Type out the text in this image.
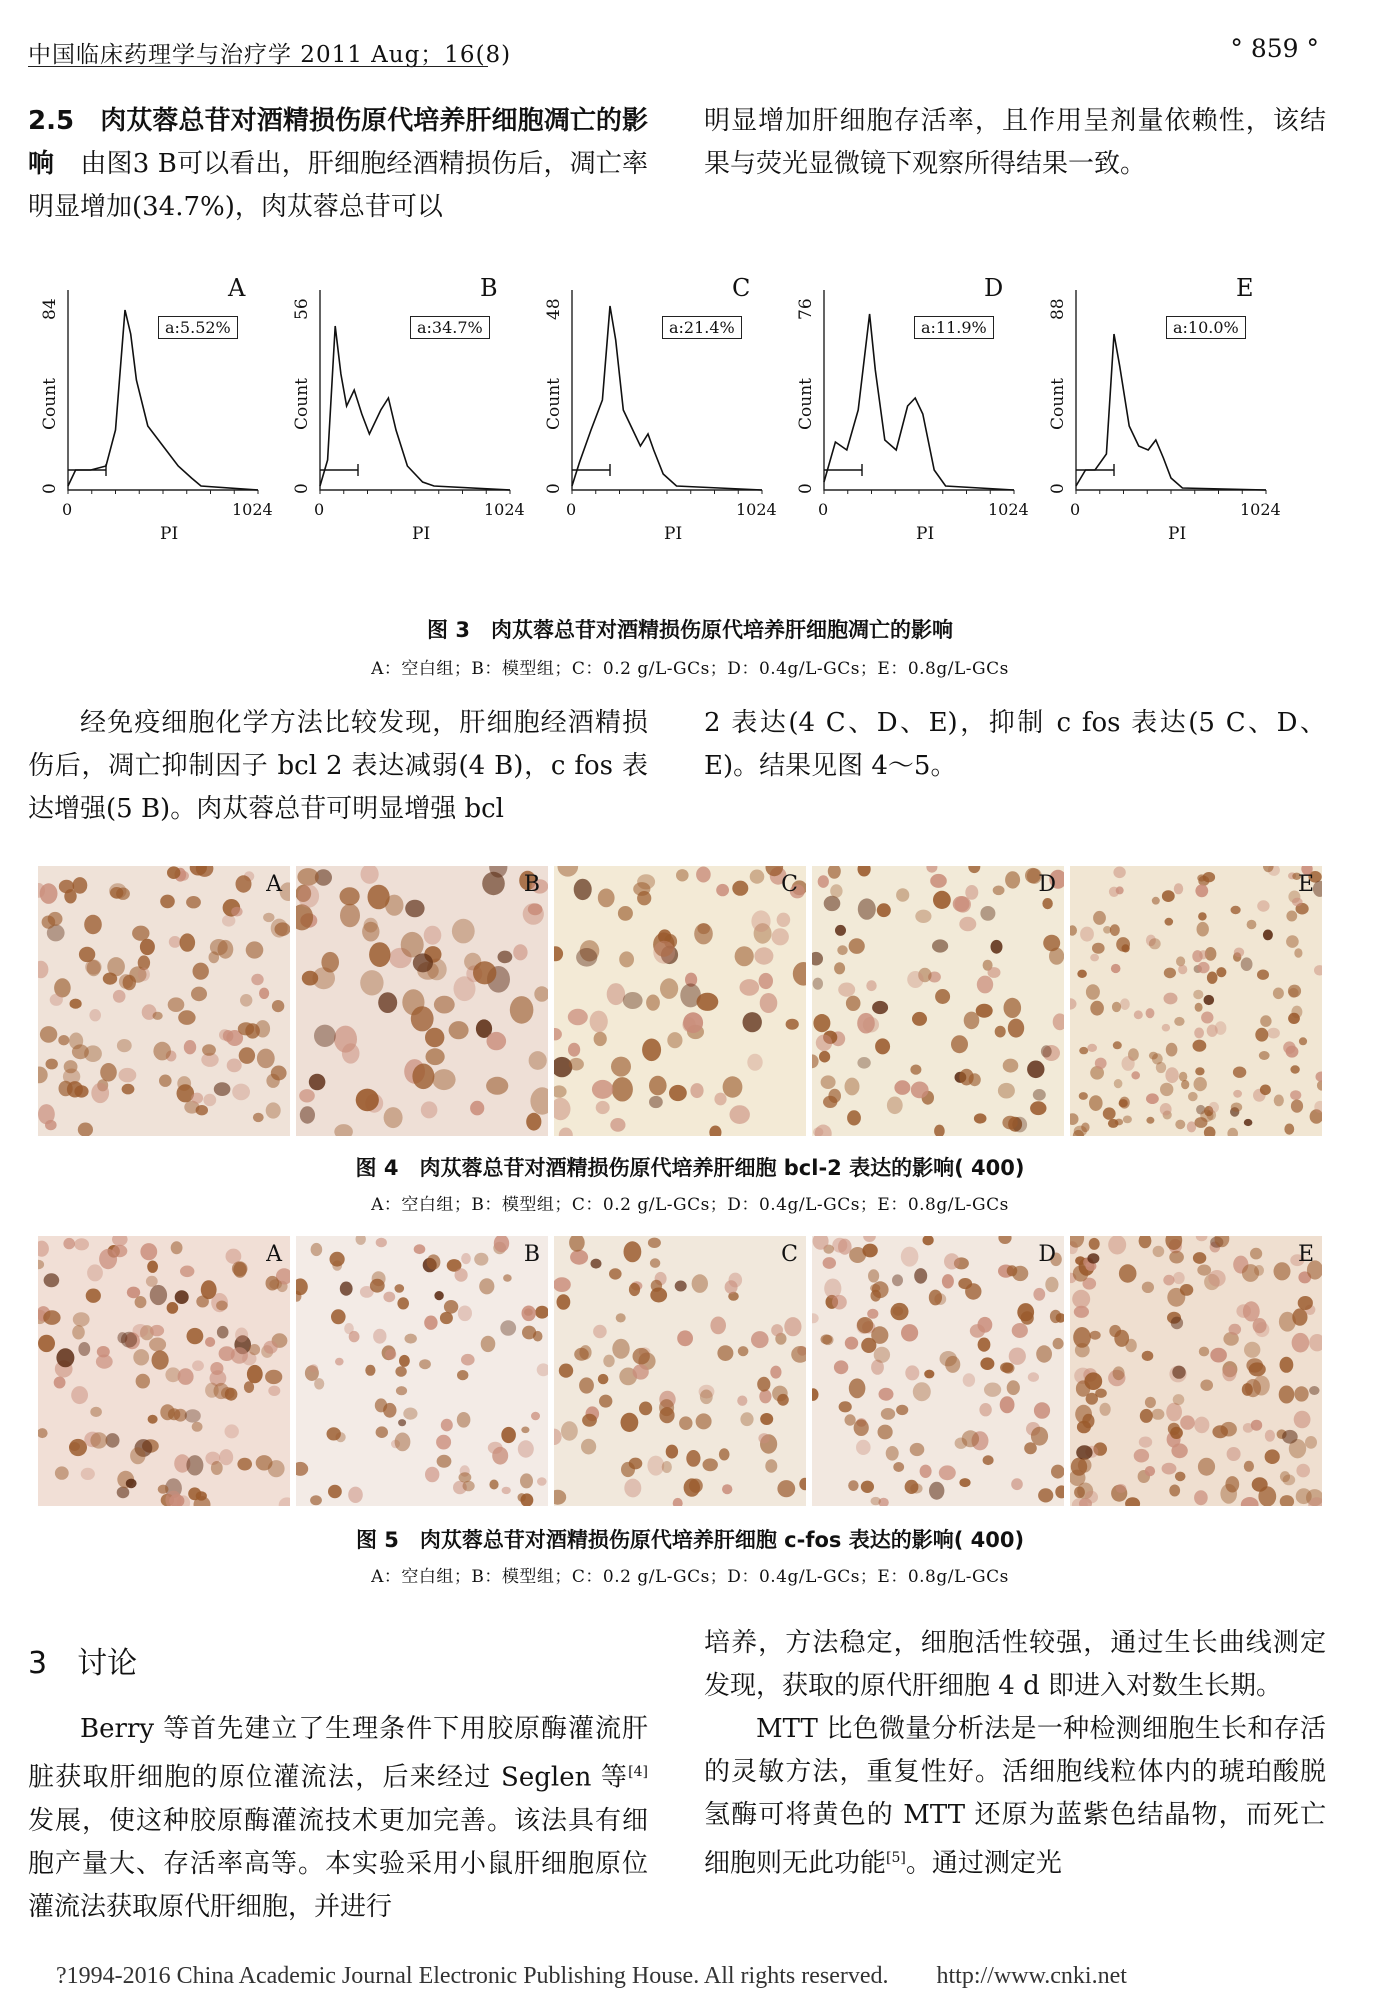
中国临床药理学与治疗学 2011 Aug；16(8)	° 859 °
2.5　肉苁蓉总苷对酒精损伤原代培养肝细胞凋亡的影响　 由图3 B可以看出，肝细胞经酒精损伤后，凋亡率明显增加(34.7%)，肉苁蓉总苷可以
明显增加肝细胞存活率，且作用呈剂量依赖性，该结果与荧光显微镜下观察所得结果一致。
84
0
Count
A
a:5.52%
0	1024
PI
56
0
Count
B
a:34.7%
0	1024
PI
48
0
Count
C
a:21.4%
0	1024
PI
76
0
Count
D
a:11.9%
0	1024
PI
88
0
Count
E
a:10.0%
0	1024
PI
图 3　肉苁蓉总苷对酒精损伤原代培养肝细胞凋亡的影响
A：空白组；B：模型组；C：0.2 g/L-GCs；D：0.4g/L-GCs；E：0.8g/L-GCs
经免疫细胞化学方法比较发现，肝细胞经酒精损伤后，凋亡抑制因子 bcl 2 表达减弱(4 B)，c fos 表达增强(5 B)。肉苁蓉总苷可明显增强 bcl
2 表达(4 C、D、E)，抑制 c fos 表达(5 C、D、E)。结果见图 4～5。
A	B	C	D	E
图 4　肉苁蓉总苷对酒精损伤原代培养肝细胞 bcl-2 表达的影响( 400)
A：空白组；B：模型组；C：0.2 g/L-GCs；D：0.4g/L-GCs；E：0.8g/L-GCs
A	B	C	D	E
图 5　肉苁蓉总苷对酒精损伤原代培养肝细胞 c-fos 表达的影响( 400)
A：空白组；B：模型组；C：0.2 g/L-GCs；D：0.4g/L-GCs；E：0.8g/L-GCs
3　讨论
Berry 等首先建立了生理条件下用胶原酶灌流肝脏获取肝细胞的原位灌流法，后来经过 Seglen 等[4] 发展，使这种胶原酶灌流技术更加完善。该法具有细胞产量大、存活率高等。本实验采用小鼠肝细胞原位灌流法获取原代肝细胞，并进行
培养，方法稳定，细胞活性较强，通过生长曲线测定发现，获取的原代肝细胞 4 d 即进入对数生长期。
MTT 比色微量分析法是一种检测细胞生长和存活的灵敏方法，重复性好。活细胞线粒体内的琥珀酸脱氢酶可将黄色的 MTT 还原为蓝紫色结晶物，而死亡细胞则无此功能[5]。通过测定光
?1994-2016 China Academic Journal Electronic Publishing House. All rights reserved.　　http://www.cnki.net
